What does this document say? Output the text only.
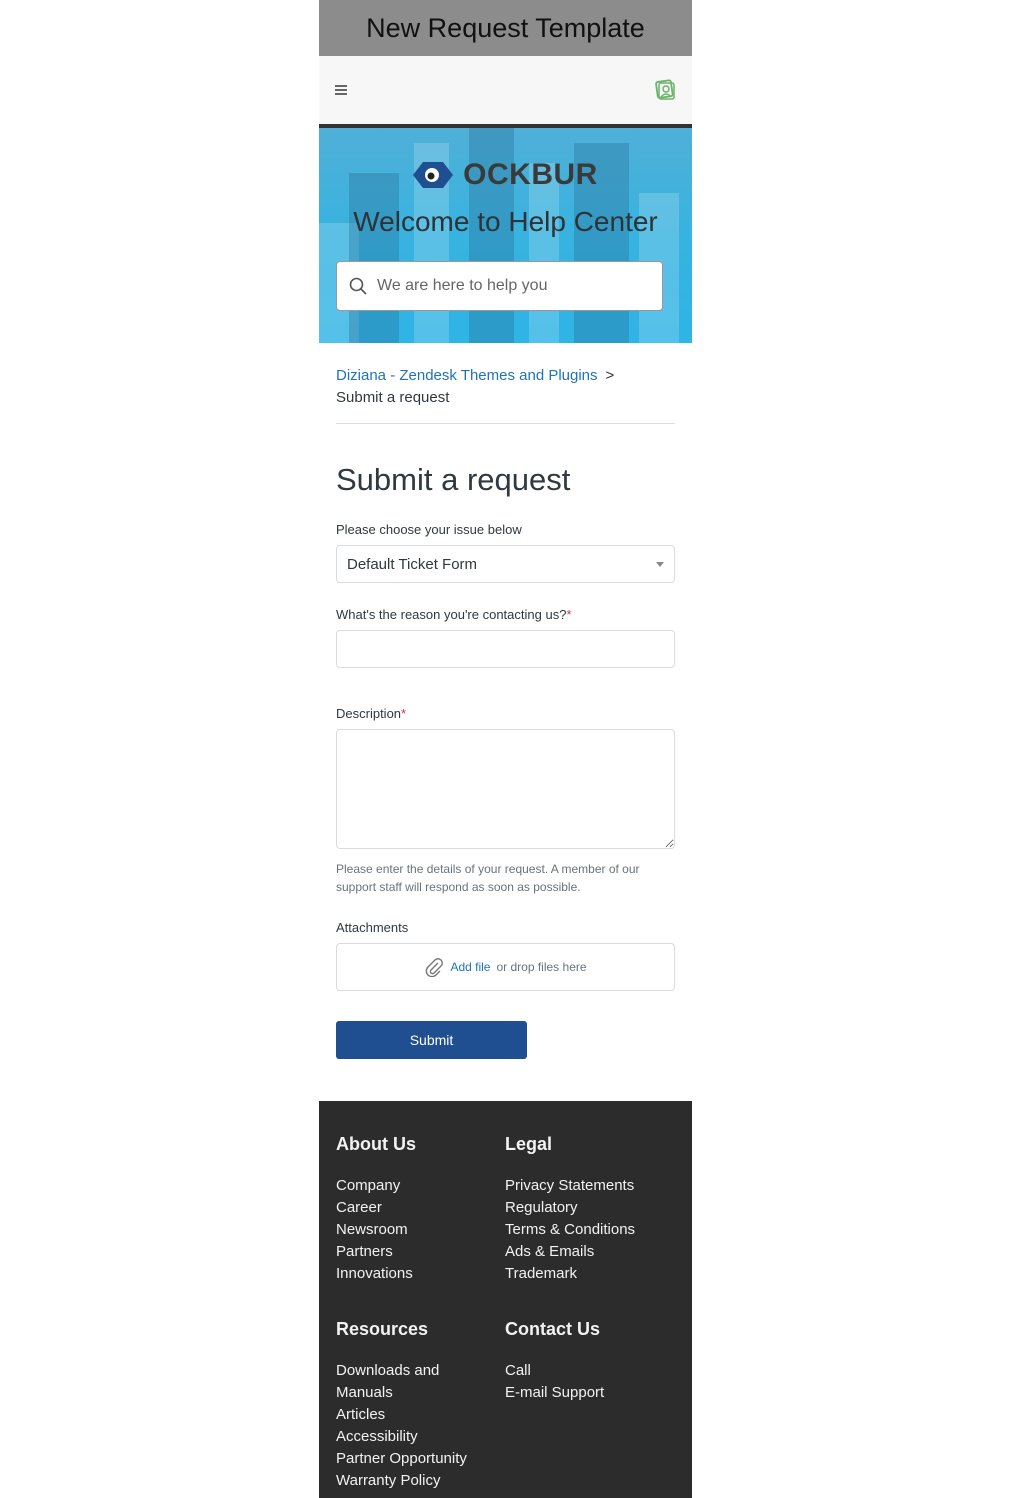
New Request Template
OCKBUR
Welcome to Help Center
We are here to help you
Diziana - Zendesk Themes and Plugins >
Submit a request
Submit a request
Please choose your issue below
Default Ticket Form
What's the reason you're contacting us?*
Description*
Please enter the details of your request. A member of our support staff will respond as soon as possible.
Attachments
Add file or drop files here
Submit
About Us
Company
Career
Newsroom
Partners
Innovations
Legal
Privacy Statements
Regulatory
Terms & Conditions
Ads & Emails
Trademark
Resources
Downloads and
Manuals
Articles
Accessibility
Partner Opportunity
Warranty Policy
Contact Us
Call
E-mail Support
